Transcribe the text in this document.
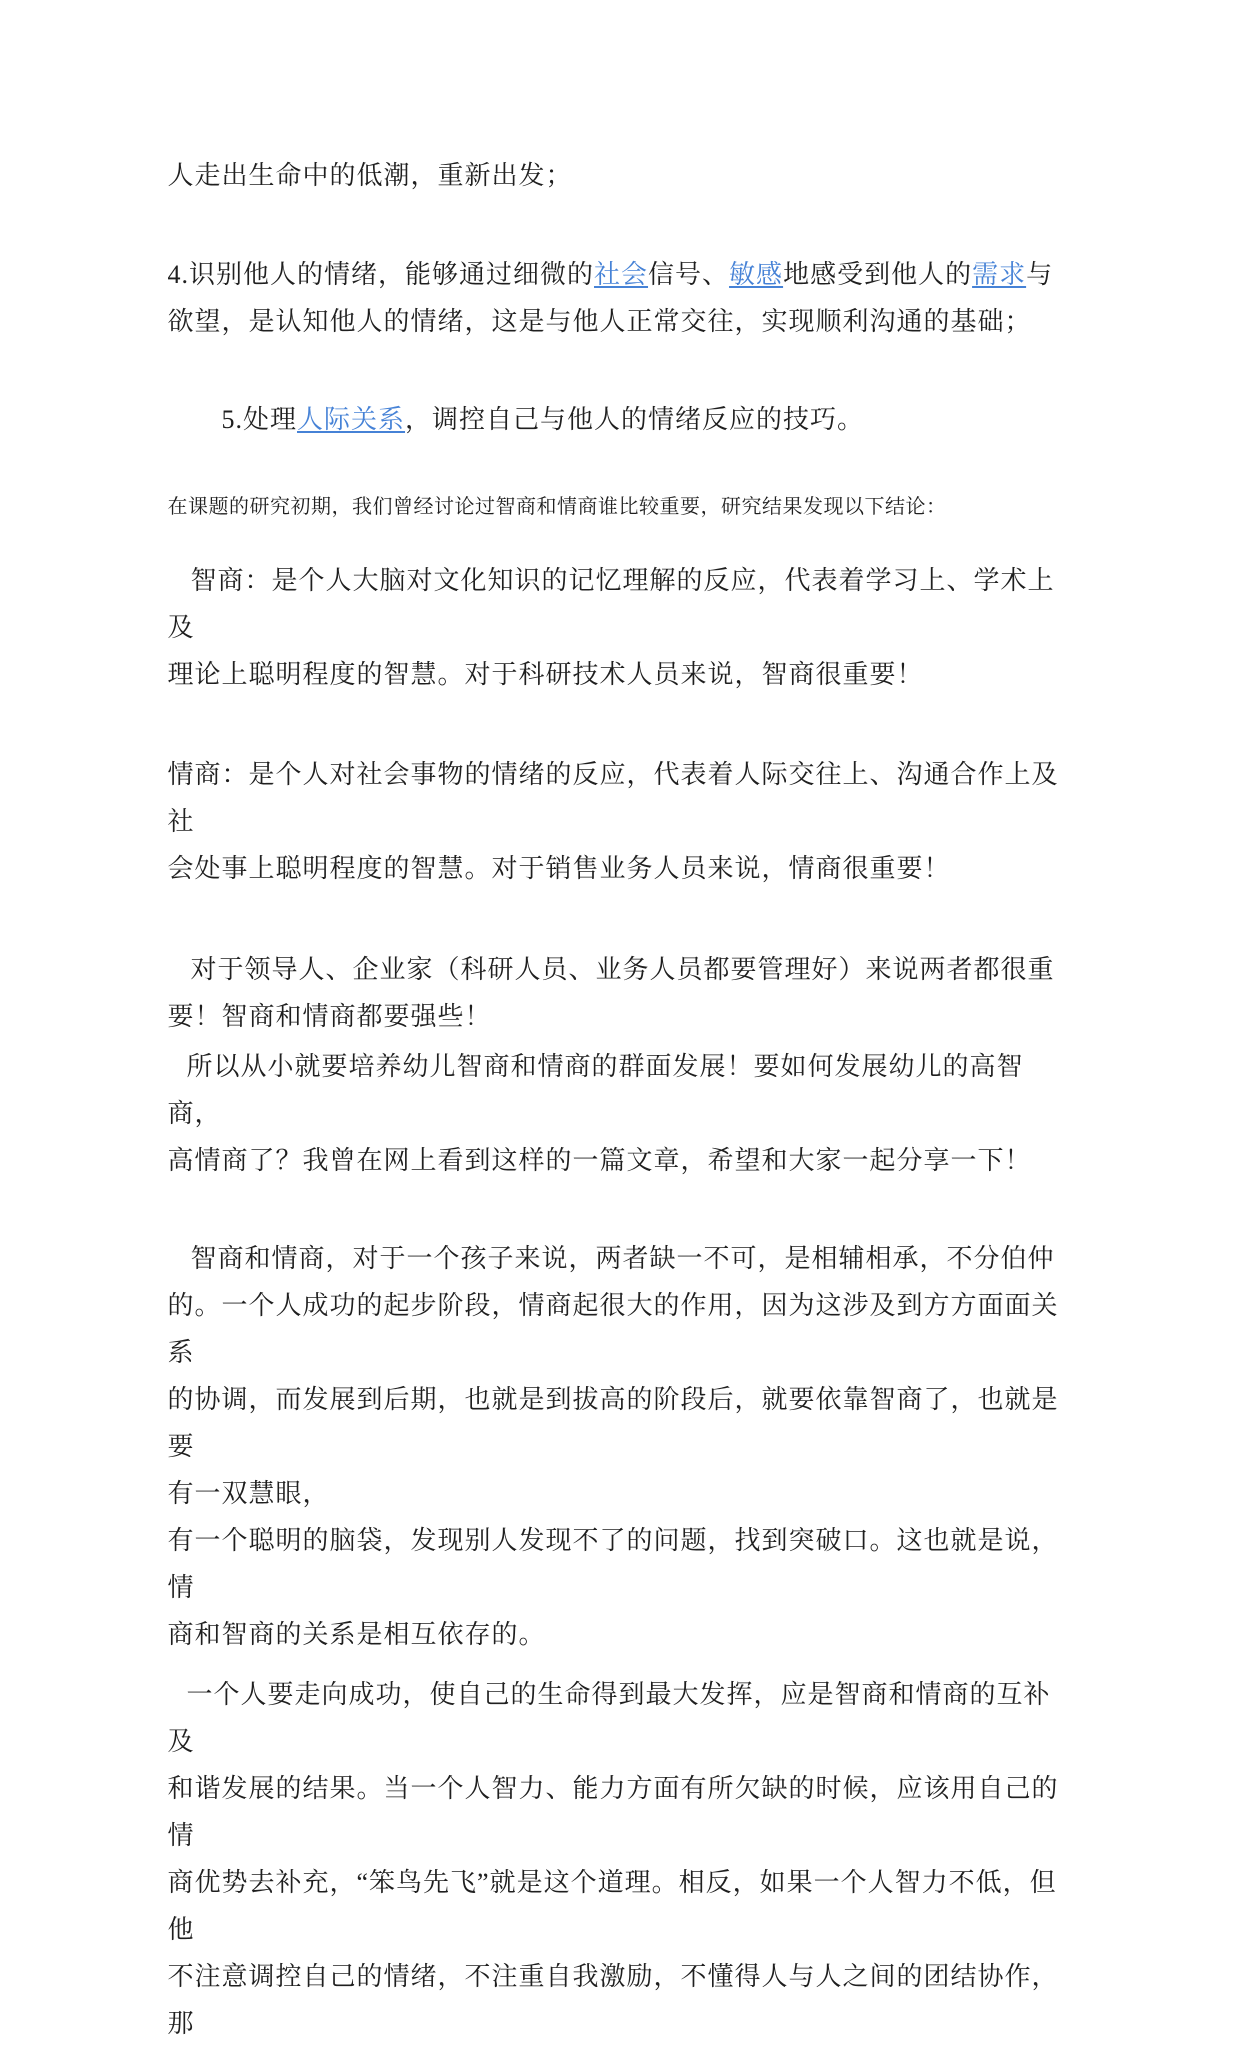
人走出生命中的低潮，重新出发；

4.识别他人的情绪，能够通过细微的社会信号、敏感地感受到他人的需求与
欲望，是认知他人的情绪，这是与他人正常交往，实现顺利沟通的基础；

5.处理人际关系，调控自己与他人的情绪反应的技巧。

在课题的研究初期，我们曾经讨论过智商和情商谁比较重要，研究结果发现以下结论：

智商：是个人大脑对文化知识的记忆理解的反应，代表着学习上、学术上及
理论上聪明程度的智慧。对于科研技术人员来说，智商很重要！

情商：是个人对社会事物的情绪的反应，代表着人际交往上、沟通合作上及社
会处事上聪明程度的智慧。对于销售业务人员来说，情商很重要！

对于领导人、企业家（科研人员、业务人员都要管理好）来说两者都很重
要！智商和情商都要强些！

所以从小就要培养幼儿智商和情商的群面发展！要如何发展幼儿的高智商，
高情商了？我曾在网上看到这样的一篇文章，希望和大家一起分享一下！

智商和情商，对于一个孩子来说，两者缺一不可，是相辅相承，不分伯仲
的。一个人成功的起步阶段，情商起很大的作用，因为这涉及到方方面面关系
的协调，而发展到后期，也就是到拔高的阶段后，就要依靠智商了，也就是要
有一双慧眼，
有一个聪明的脑袋，发现别人发现不了的问题，找到突破口。这也就是说，情
商和智商的关系是相互依存的。

一个人要走向成功，使自己的生命得到最大发挥，应是智商和情商的互补及
和谐发展的结果。当一个人智力、能力方面有所欠缺的时候，应该用自己的情
商优势去补充，“笨鸟先飞”就是这个道理。相反，如果一个人智力不低，但他
不注意调控自己的情绪，不注重自我激励，不懂得人与人之间的团结协作，那
